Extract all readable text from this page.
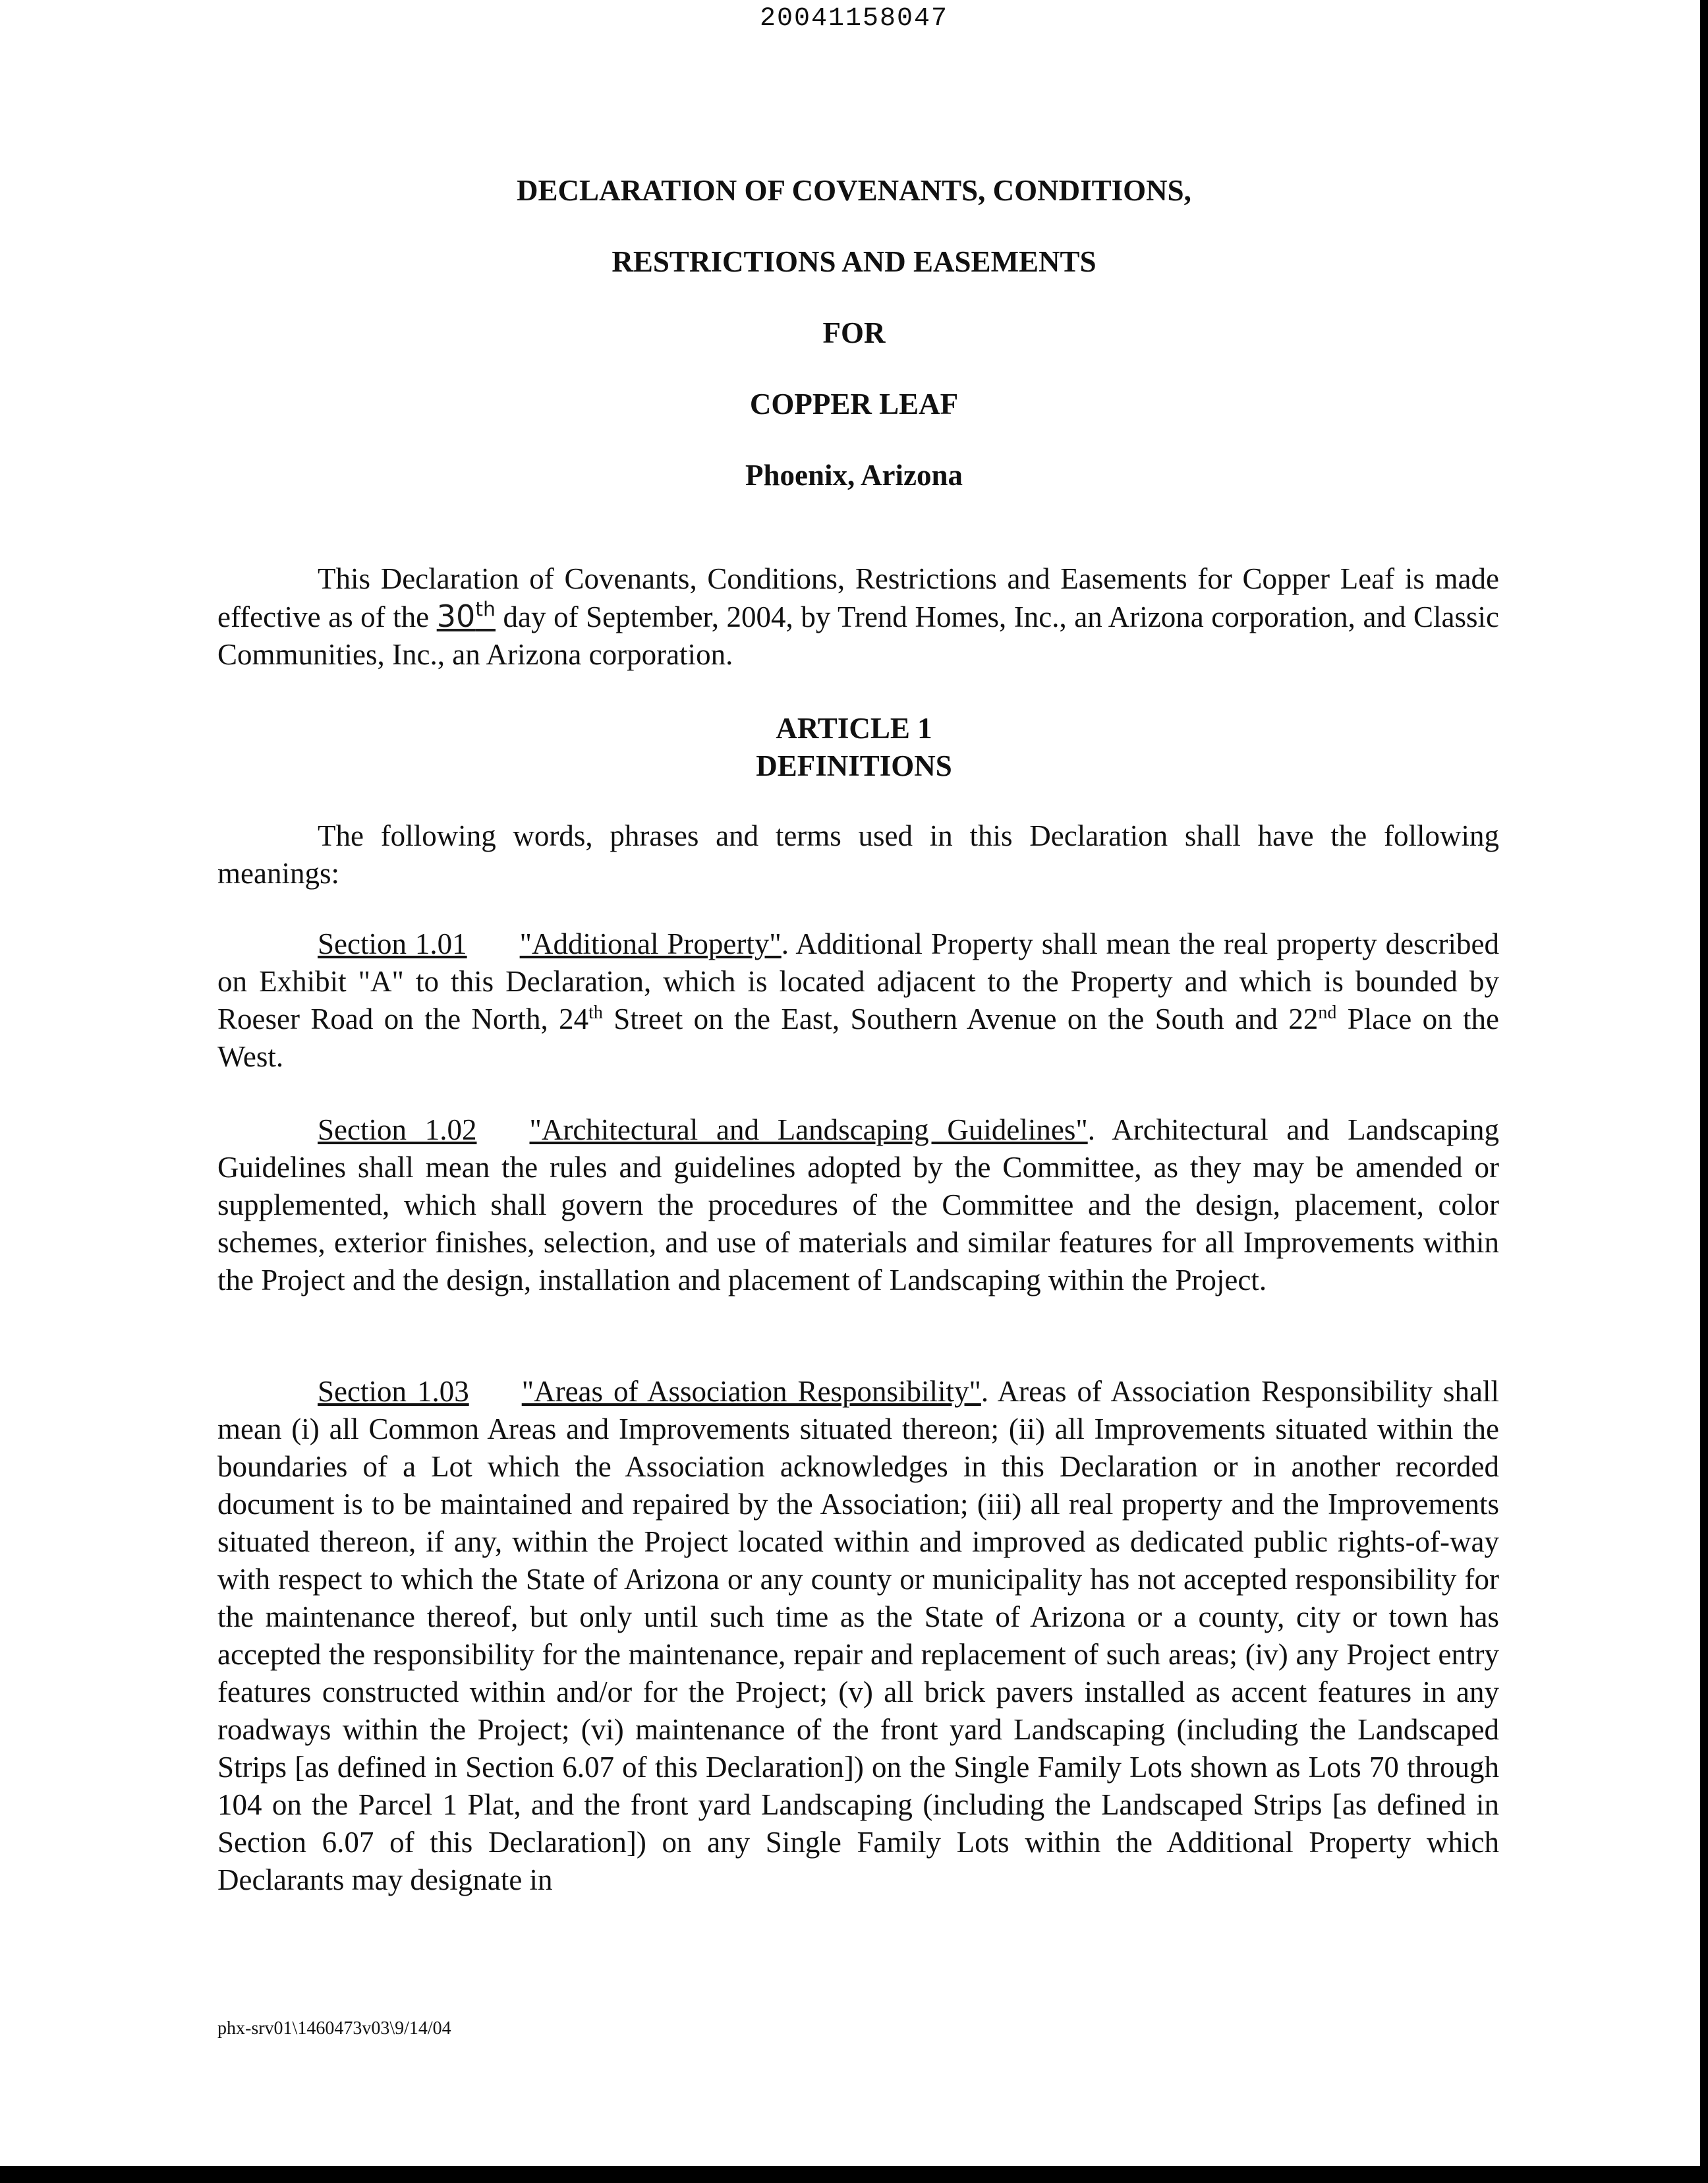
20041158047
DECLARATION OF COVENANTS, CONDITIONS,
RESTRICTIONS AND EASEMENTS
FOR
COPPER LEAF
Phoenix, Arizona

This Declaration of Covenants, Conditions, Restrictions and Easements for Copper Leaf is made effective as of the 30th day of September, 2004, by Trend Homes, Inc., an Arizona corporation, and Classic Communities, Inc., an Arizona corporation.

ARTICLE 1
DEFINITIONS

The following words, phrases and terms used in this Declaration shall have the following meanings:

Section 1.01 "Additional Property". Additional Property shall mean the real property described on Exhibit "A" to this Declaration, which is located adjacent to the Property and which is bounded by Roeser Road on the North, 24th Street on the East, Southern Avenue on the South and 22nd Place on the West.

Section 1.02 "Architectural and Landscaping Guidelines". Architectural and Landscaping Guidelines shall mean the rules and guidelines adopted by the Committee, as they may be amended or supplemented, which shall govern the procedures of the Committee and the design, placement, color schemes, exterior finishes, selection, and use of materials and similar features for all Improvements within the Project and the design, installation and placement of Landscaping within the Project.

Section 1.03 "Areas of Association Responsibility". Areas of Association Responsibility shall mean (i) all Common Areas and Improvements situated thereon; (ii) all Improvements situated within the boundaries of a Lot which the Association acknowledges in this Declaration or in another recorded document is to be maintained and repaired by the Association; (iii) all real property and the Improvements situated thereon, if any, within the Project located within and improved as dedicated public rights-of-way with respect to which the State of Arizona or any county or municipality has not accepted responsibility for the maintenance thereof, but only until such time as the State of Arizona or a county, city or town has accepted the responsibility for the maintenance, repair and replacement of such areas; (iv) any Project entry features constructed within and/or for the Project; (v) all brick pavers installed as accent features in any roadways within the Project; (vi) maintenance of the front yard Landscaping (including the Landscaped Strips [as defined in Section 6.07 of this Declaration]) on the Single Family Lots shown as Lots 70 through 104 on the Parcel 1 Plat, and the front yard Landscaping (including the Landscaped Strips [as defined in Section 6.07 of this Declaration]) on any Single Family Lots within the Additional Property which Declarants may designate in

phx-srv01\1460473v03\9/14/04
